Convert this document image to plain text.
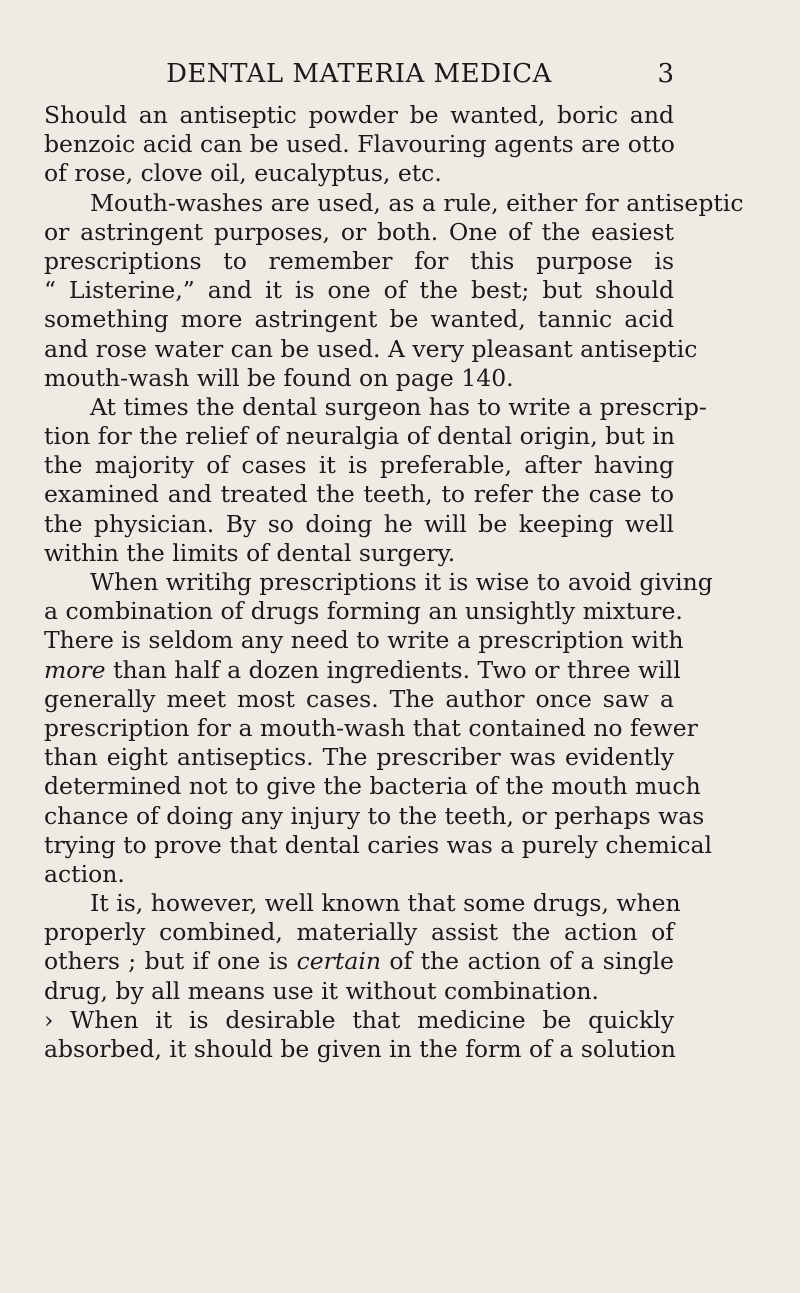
DENTAL MATERIA MEDICA	3
Should an antiseptic powder be wanted, boric and
benzoic acid can be used. Flavouring agents are otto
of rose, clove oil, eucalyptus, etc.
Mouth-washes are used, as a rule, either for antiseptic
or astringent purposes, or both. One of the easiest
prescriptions to remember for this purpose is
“ Listerine,” and it is one of the best; but should
something more astringent be wanted, tannic acid
and rose water can be used. A very pleasant antiseptic
mouth-wash will be found on page 140.
At times the dental surgeon has to write a prescrip-
tion for the relief of neuralgia of dental origin, but in
the majority of cases it is preferable, after having
examined and treated the teeth, to refer the case to
the physician. By so doing he will be keeping well
within the limits of dental surgery.
When writihg prescriptions it is wise to avoid giving
a combination of drugs forming an unsightly mixture.
There is seldom any need to write a prescription with
more than half a dozen ingredients. Two or three will
generally meet most cases. The author once saw a
prescription for a mouth-wash that contained no fewer
than eight antiseptics. The prescriber was evidently
determined not to give the bacteria of the mouth much
chance of doing any injury to the teeth, or perhaps was
trying to prove that dental caries was a purely chemical
action.
It is, however, well known that some drugs, when
properly combined, materially assist the action of
others ; but if one is certain of the action of a single
drug, by all means use it without combination.
› When it is desirable that medicine be quickly
absorbed, it should be given in the form of a solution
